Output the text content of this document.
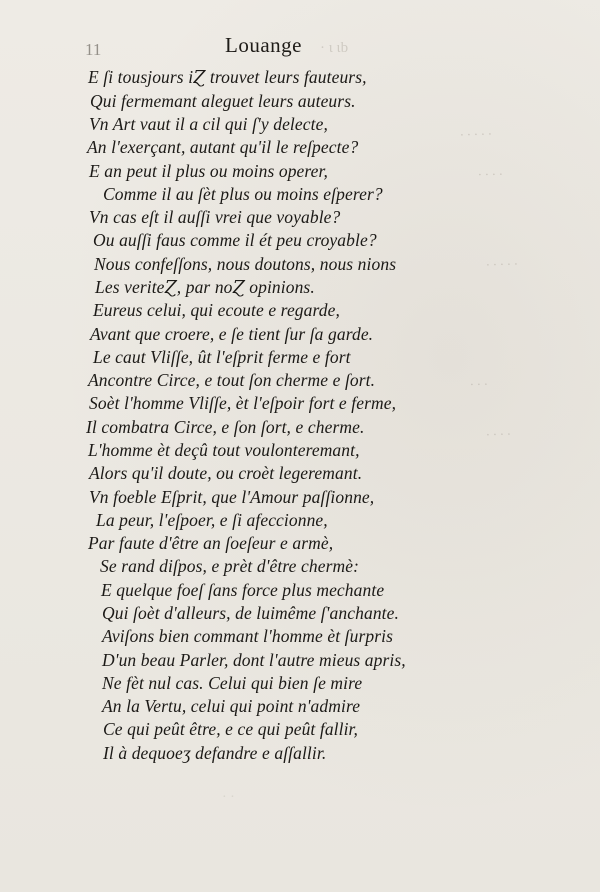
11	Louange · ɩ ɩb
· · · · ·
· · · ·
· · · · ·
· · ·
· · · ·
· ·
E ſi tousjours iⱿ trouvet leurs fauteurs,
Qui fermemant aleguet leurs auteurs.
Vn Art vaut il a cil qui ſ'y delecte,
An l'exerçant, autant qu'il le reſpecte?
E an peut il plus ou moins operer,
Comme il au ſèt plus ou moins eſperer?
Vn cas eſt il auſſi vrei que voyable?
Ou auſſi faus comme il ét peu croyable?
Nous confeſſons, nous doutons, nous nions
Les veriteⱿ, par noⱿ opinions.
Eureus celui, qui ecoute e regarde,
Avant que croere, e ſe tient ſur ſa garde.
Le caut Vliſſe, ût l'eſprit ferme e fort
Ancontre Circe, e tout ſon cherme e ſort.
Soèt l'homme Vliſſe, èt l'eſpoir fort e ferme,
Il combatra Circe, e ſon ſort, e cherme.
L'homme èt deçû tout voulonteremant,
Alors qu'il doute, ou croèt legeremant.
Vn foeble Eſprit, que l'Amour paſſionne,
La peur, l'eſpoer, e ſi afeccionne,
Par faute d'être an ſoeſeur e armè,
Se rand diſpos, e prèt d'être chermè:
E quelque foeſ ſans force plus mechante
Qui ſoèt d'alleurs, de luimême ſ'anchante.
Aviſons bien commant l'homme èt ſurpris
D'un beau Parler, dont l'autre mieus apris,
Ne fèt nul cas. Celui qui bien ſe mire
An la Vertu, celui qui point n'admire
Ce qui peût être, e ce qui peût fallir,
Il à dequoeʒ defandre e aſſallir.
